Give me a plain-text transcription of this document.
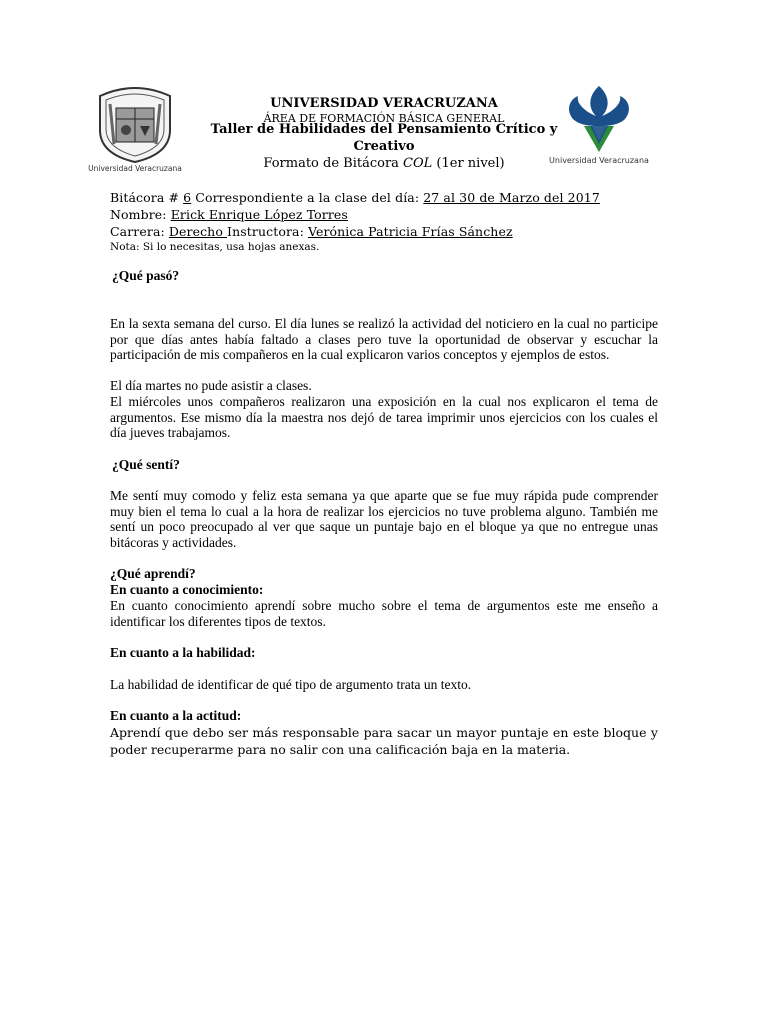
Universidad Veracruzana
Universidad Veracruzana
UNIVERSIDAD VERACRUZANA
ÁREA DE FORMACIÓN BÁSICA GENERAL
Taller de Habilidades del Pensamiento Crítico y
Creativo
Formato de Bitácora COL (1er nivel)
Bitácora # 6 Correspondiente a la clase del día: 27 al 30 de Marzo del 2017
Nombre: Erick Enrique López Torres
Carrera: Derecho Instructora: Verónica Patricia Frías Sánchez
Nota: Si lo necesitas, usa hojas anexas.
¿Qué pasó?
En la sexta semana del curso. El día lunes se realizó la actividad del noticiero en la cual no participe por que días antes había faltado a clases pero tuve la oportunidad de observar y escuchar la participación de mis compañeros en la cual explicaron varios conceptos y ejemplos de estos.
El día martes no pude asistir a clases.
El miércoles unos compañeros realizaron una exposición en la cual nos explicaron el tema de argumentos. Ese mismo día la maestra nos dejó de tarea imprimir unos ejercicios con los cuales el día jueves trabajamos.
¿Qué sentí?
Me sentí muy comodo y feliz esta semana ya que aparte que se fue muy rápida pude comprender muy bien el tema lo cual a la hora de realizar los ejercicios no tuve problema alguno. También me sentí un poco preocupado al ver que saque un puntaje bajo en el bloque ya que no entregue unas bitácoras y actividades.
¿Qué aprendí?
En cuanto a conocimiento:
En cuanto conocimiento aprendí sobre mucho sobre el tema de argumentos este me enseño a identificar los diferentes tipos de textos.
En cuanto a la habilidad:
La habilidad de identificar de qué tipo de argumento trata un texto.
En cuanto a la actitud:
Aprendí que debo ser más responsable para sacar un mayor puntaje en este bloque y poder recuperarme para no salir con una calificación baja en la materia.
